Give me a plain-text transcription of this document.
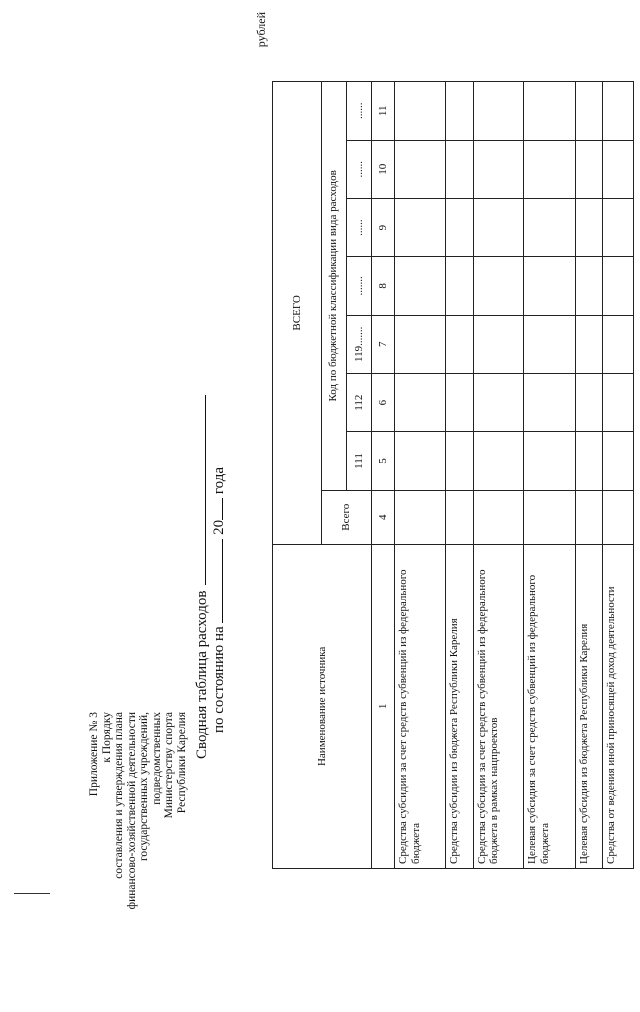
Приложение № 3 к Порядку составления и утверждения плана финансово-хозяйственной деятельности государственных учреждений, подведомственных Министерству спорта Республики Карелия
Сводная таблица расходов по состоянию на  20 года
рублей
Наименование источника	ВСЕГО							
	Всего	Код по бюджетной классификации вида расходов						
		111	112	119.......	.......	......	......	......
1	4	5	6	7	8	9	10	11
Средства субсидии за счет средств субвенций из федерального бюджета								
Средства субсидии из бюджета Республики Карелия								
Средства субсидии за счет средств субвенций из федерального бюджета в рамках нацпроектов								
Целевая субсидия за счет средств субвенций из федерального бюджета								
Целевая субсидия из бюджета Республики Карелия								
Средства от ведения иной приносящей доход деятельности								
